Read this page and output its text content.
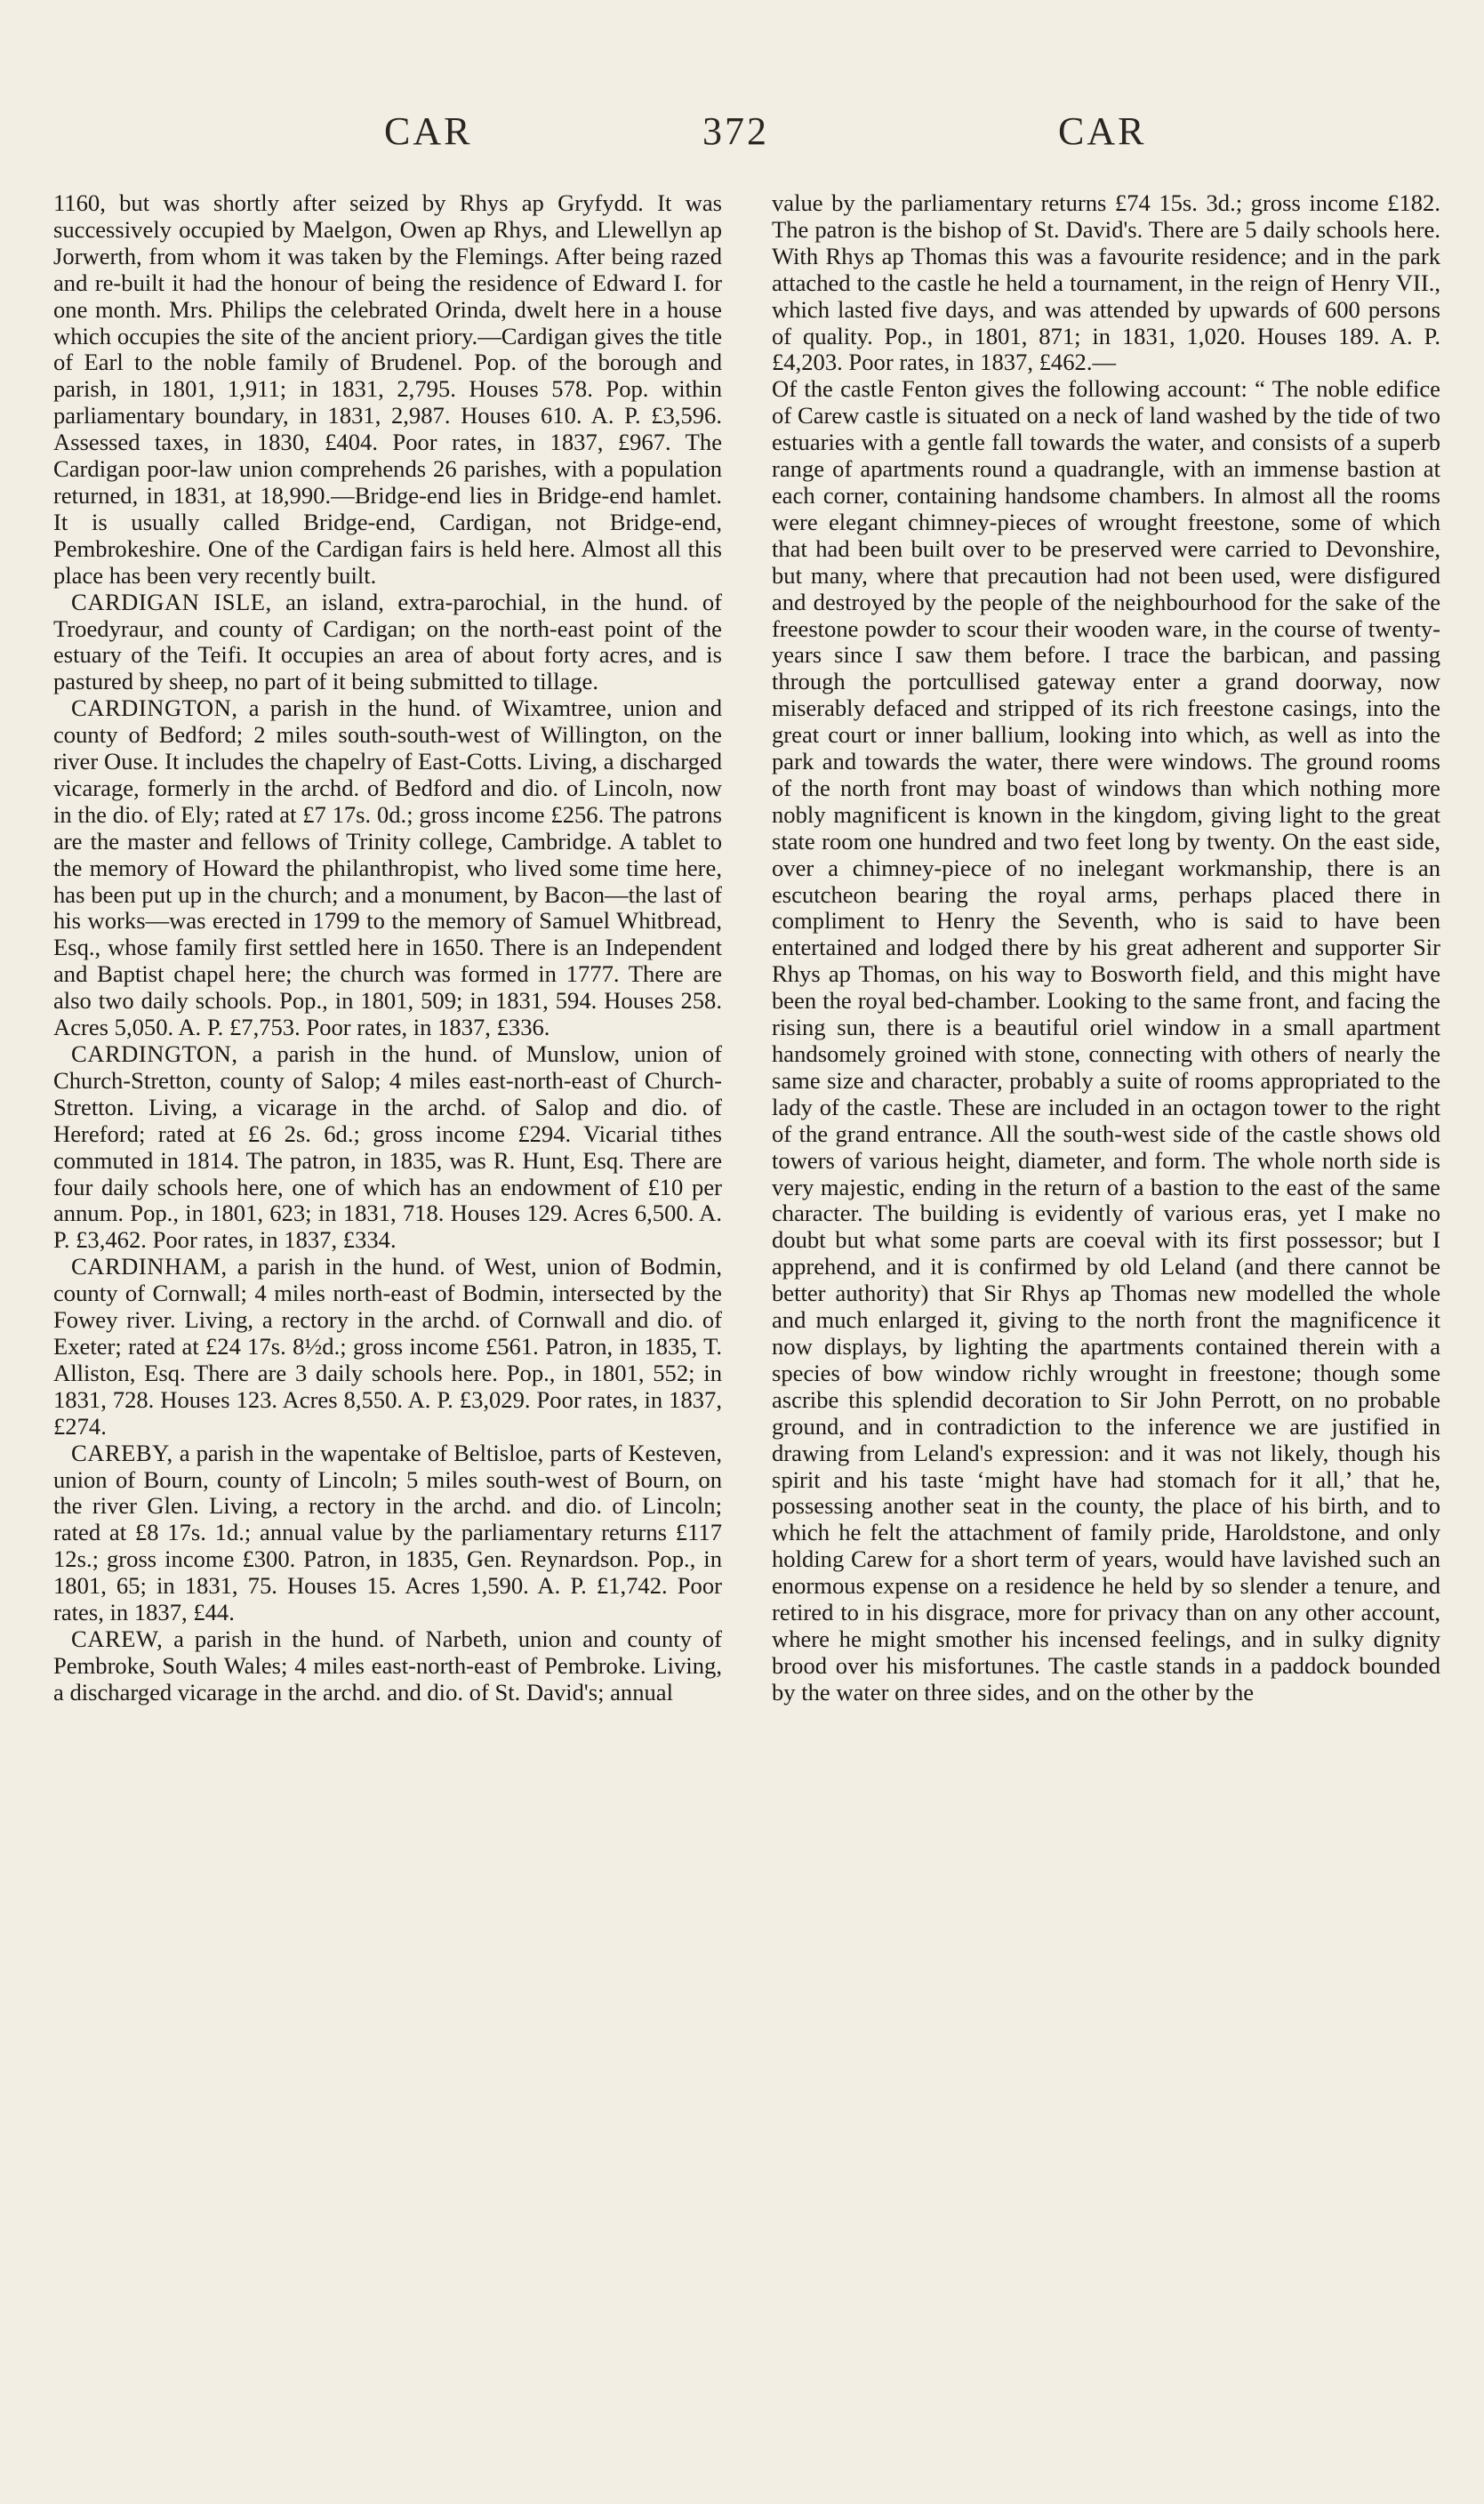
CAR	372	CAR

1160, but was shortly after seized by Rhys ap Gryfydd. It was successively occupied by Maelgon, Owen ap Rhys, and Llewellyn ap Jorwerth, from whom it was taken by the Flemings. After being razed and re-built it had the honour of being the residence of Edward I. for one month. Mrs. Philips the celebrated Orinda, dwelt here in a house which occupies the site of the ancient priory.—Cardigan gives the title of Earl to the noble family of Brudenel. Pop. of the borough and parish, in 1801, 1,911; in 1831, 2,795. Houses 578. Pop. within parliamentary boundary, in 1831, 2,987. Houses 610. A. P. £3,596. Assessed taxes, in 1830, £404. Poor rates, in 1837, £967. The Cardigan poor-law union comprehends 26 parishes, with a population returned, in 1831, at 18,990.—Bridge-end lies in Bridge-end hamlet. It is usually called Bridge-end, Cardigan, not Bridge-end, Pembrokeshire. One of the Cardigan fairs is held here. Almost all this place has been very recently built.

CARDIGAN ISLE, an island, extra-parochial, in the hund. of Troedyraur, and county of Cardigan; on the north-east point of the estuary of the Teifi. It occupies an area of about forty acres, and is pastured by sheep, no part of it being submitted to tillage.

CARDINGTON, a parish in the hund. of Wixamtree, union and county of Bedford; 2 miles south-south-west of Willington, on the river Ouse. It includes the chapelry of East-Cotts. Living, a discharged vicarage, formerly in the archd. of Bedford and dio. of Lincoln, now in the dio. of Ely; rated at £7 17s. 0d.; gross income £256. The patrons are the master and fellows of Trinity college, Cambridge. A tablet to the memory of Howard the philanthropist, who lived some time here, has been put up in the church; and a monument, by Bacon—the last of his works—was erected in 1799 to the memory of Samuel Whitbread, Esq., whose family first settled here in 1650. There is an Independent and Baptist chapel here; the church was formed in 1777. There are also two daily schools. Pop., in 1801, 509; in 1831, 594. Houses 258. Acres 5,050. A. P. £7,753. Poor rates, in 1837, £336.

CARDINGTON, a parish in the hund. of Munslow, union of Church-Stretton, county of Salop; 4 miles east-north-east of Church-Stretton. Living, a vicarage in the archd. of Salop and dio. of Hereford; rated at £6 2s. 6d.; gross income £294. Vicarial tithes commuted in 1814. The patron, in 1835, was R. Hunt, Esq. There are four daily schools here, one of which has an endowment of £10 per annum. Pop., in 1801, 623; in 1831, 718. Houses 129. Acres 6,500. A. P. £3,462. Poor rates, in 1837, £334.

CARDINHAM, a parish in the hund. of West, union of Bodmin, county of Cornwall; 4 miles north-east of Bodmin, intersected by the Fowey river. Living, a rectory in the archd. of Cornwall and dio. of Exeter; rated at £24 17s. 8½d.; gross income £561. Patron, in 1835, T. Alliston, Esq. There are 3 daily schools here. Pop., in 1801, 552; in 1831, 728. Houses 123. Acres 8,550. A. P. £3,029. Poor rates, in 1837, £274.

CAREBY, a parish in the wapentake of Beltisloe, parts of Kesteven, union of Bourn, county of Lincoln; 5 miles south-west of Bourn, on the river Glen. Living, a rectory in the archd. and dio. of Lincoln; rated at £8 17s. 1d.; annual value by the parliamentary returns £117 12s.; gross income £300. Patron, in 1835, Gen. Reynardson. Pop., in 1801, 65; in 1831, 75. Houses 15. Acres 1,590. A. P. £1,742. Poor rates, in 1837, £44.

CAREW, a parish in the hund. of Narbeth, union and county of Pembroke, South Wales; 4 miles east-north-east of Pembroke. Living, a discharged vicarage in the archd. and dio. of St. David's; annual

value by the parliamentary returns £74 15s. 3d.; gross income £182. The patron is the bishop of St. David's. There are 5 daily schools here. With Rhys ap Thomas this was a favourite residence; and in the park attached to the castle he held a tournament, in the reign of Henry VII., which lasted five days, and was attended by upwards of 600 persons of quality. Pop., in 1801, 871; in 1831, 1,020. Houses 189. A. P. £4,203. Poor rates, in 1837, £462.—

Of the castle Fenton gives the following account: “ The noble edifice of Carew castle is situated on a neck of land washed by the tide of two estuaries with a gentle fall towards the water, and consists of a superb range of apartments round a quadrangle, with an immense bastion at each corner, containing handsome chambers. In almost all the rooms were elegant chimney-pieces of wrought freestone, some of which that had been built over to be preserved were carried to Devonshire, but many, where that precaution had not been used, were disfigured and destroyed by the people of the neighbourhood for the sake of the freestone powder to scour their wooden ware, in the course of twenty-years since I saw them before. I trace the barbican, and passing through the portcullised gateway enter a grand doorway, now miserably defaced and stripped of its rich freestone casings, into the great court or inner ballium, looking into which, as well as into the park and towards the water, there were windows. The ground rooms of the north front may boast of windows than which nothing more nobly magnificent is known in the kingdom, giving light to the great state room one hundred and two feet long by twenty. On the east side, over a chimney-piece of no inelegant workmanship, there is an escutcheon bearing the royal arms, perhaps placed there in compliment to Henry the Seventh, who is said to have been entertained and lodged there by his great adherent and supporter Sir Rhys ap Thomas, on his way to Bosworth field, and this might have been the royal bed-chamber. Looking to the same front, and facing the rising sun, there is a beautiful oriel window in a small apartment handsomely groined with stone, connecting with others of nearly the same size and character, probably a suite of rooms appropriated to the lady of the castle. These are included in an octagon tower to the right of the grand entrance. All the south-west side of the castle shows old towers of various height, diameter, and form. The whole north side is very majestic, ending in the return of a bastion to the east of the same character. The building is evidently of various eras, yet I make no doubt but what some parts are coeval with its first possessor; but I apprehend, and it is confirmed by old Leland (and there cannot be better authority) that Sir Rhys ap Thomas new modelled the whole and much enlarged it, giving to the north front the magnificence it now displays, by lighting the apartments contained therein with a species of bow window richly wrought in freestone; though some ascribe this splendid decoration to Sir John Perrott, on no probable ground, and in contradiction to the inference we are justified in drawing from Leland's expression: and it was not likely, though his spirit and his taste ‘might have had stomach for it all,’ that he, possessing another seat in the county, the place of his birth, and to which he felt the attachment of family pride, Haroldstone, and only holding Carew for a short term of years, would have lavished such an enormous expense on a residence he held by so slender a tenure, and retired to in his disgrace, more for privacy than on any other account, where he might smother his incensed feelings, and in sulky dignity brood over his misfortunes. The castle stands in a paddock bounded by the water on three sides, and on the other by the
